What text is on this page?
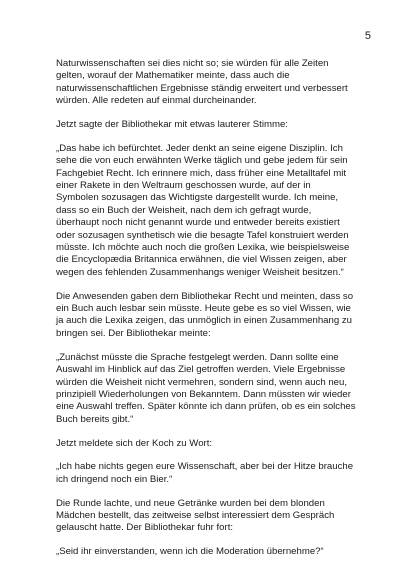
5

Naturwissenschaften sei dies nicht so; sie würden für alle Zeiten gelten, worauf der Mathematiker meinte, dass auch die naturwissenschaftlichen Ergebnisse ständig erweitert und verbessert würden. Alle redeten auf einmal durcheinander.

Jetzt sagte der Bibliothekar mit etwas lauterer Stimme:

„Das habe ich befürchtet. Jeder denkt an seine eigene Disziplin. Ich sehe die von euch erwähnten Werke täglich und gebe jedem für sein Fachgebiet Recht. Ich erinnere mich, dass früher eine Metalltafel mit einer Rakete in den Weltraum geschossen wurde, auf der in Symbolen sozusagen das Wichtigste dargestellt wurde. Ich meine, dass so ein Buch der Weisheit, nach dem ich gefragt wurde, überhaupt noch nicht genannt wurde und entweder bereits existiert oder sozusagen synthetisch wie die besagte Tafel konstruiert werden müsste. Ich möchte auch noch die großen Lexika, wie beispielsweise die Encyclopædia Britannica erwähnen, die viel Wissen zeigen, aber wegen des fehlenden Zusammenhangs weniger Weisheit besitzen.“

Die Anwesenden gaben dem Bibliothekar Recht und meinten, dass so ein Buch auch lesbar sein müsste. Heute gebe es so viel Wissen, wie ja auch die Lexika zeigen, das unmöglich in einen Zusammenhang zu bringen sei. Der Bibliothekar meinte:

„Zunächst müsste die Sprache festgelegt werden. Dann sollte eine Auswahl im Hinblick auf das Ziel getroffen werden. Viele Ergebnisse würden die Weisheit nicht vermehren, sondern sind, wenn auch neu, prinzipiell Wiederholungen von Bekanntem. Dann müssten wir wieder eine Auswahl treffen. Später könnte ich dann prüfen, ob es ein solches Buch bereits gibt.“

Jetzt meldete sich der Koch zu Wort:

„Ich habe nichts gegen eure Wissenschaft, aber bei der Hitze brauche ich dringend noch ein Bier.“

Die Runde lachte, und neue Getränke wurden bei dem blonden Mädchen bestellt, das zeitweise selbst interessiert dem Gespräch gelauscht hatte. Der Bibliothekar fuhr fort:

„Seid ihr einverstanden, wenn ich die Moderation übernehme?“
